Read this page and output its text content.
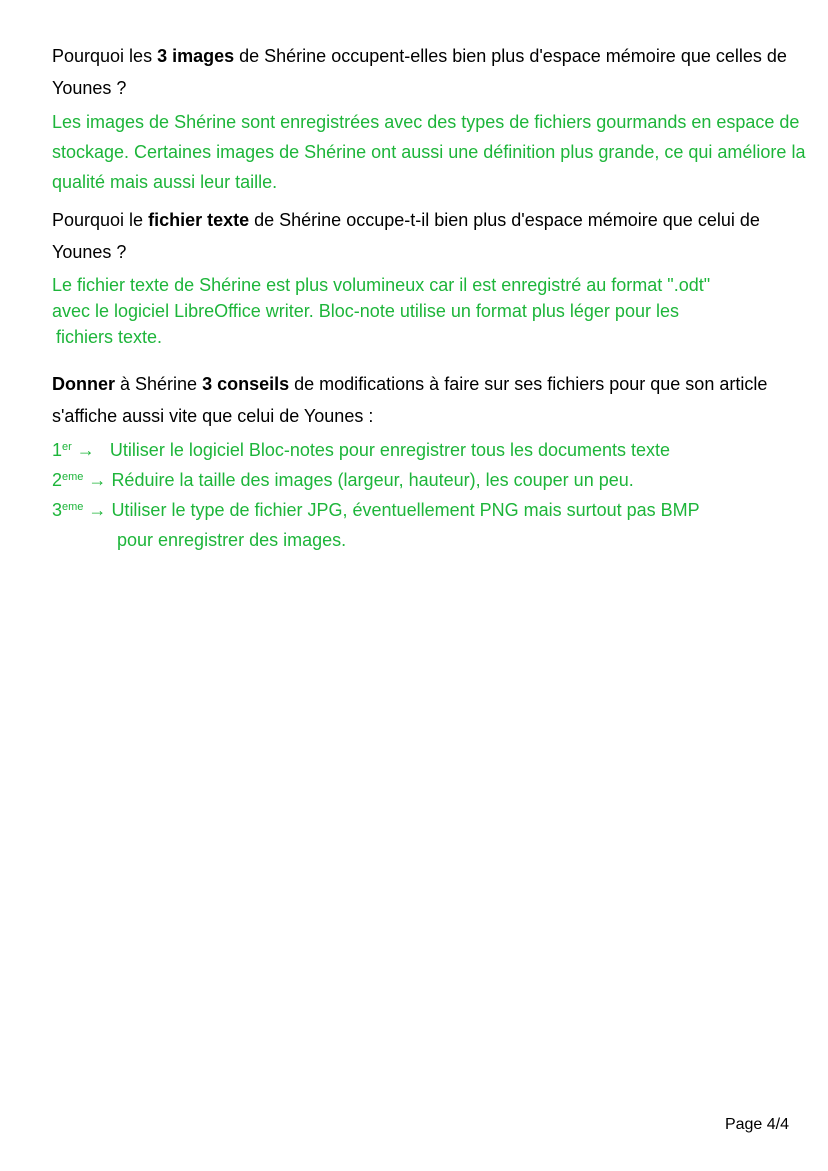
Pourquoi les 3 images de Shérine occupent-elles bien plus d'espace mémoire que celles de Younes ?

Les images de Shérine sont enregistrées avec des types de fichiers gourmands en espace de stockage. Certaines images de Shérine ont aussi une définition plus grande, ce qui améliore la qualité mais aussi leur taille.

Pourquoi le fichier texte de Shérine occupe-t-il bien plus d'espace mémoire que celui de Younes ?

Le fichier texte de Shérine est plus volumineux car il est enregistré au format ".odt"
avec le logiciel LibreOffice writer. Bloc-note utilise un format plus léger pour les
fichiers texte.

Donner à Shérine 3 conseils de modifications à faire sur ses fichiers pour que son article s'affiche aussi vite que celui de Younes :

1er →   Utiliser le logiciel Bloc-notes pour enregistrer tous les documents texte
2eme → Réduire la taille des images (largeur, hauteur), les couper un peu.
3eme → Utiliser le type de fichier JPG, éventuellement PNG mais surtout pas BMP
pour enregistrer des images.
Page 4/4
